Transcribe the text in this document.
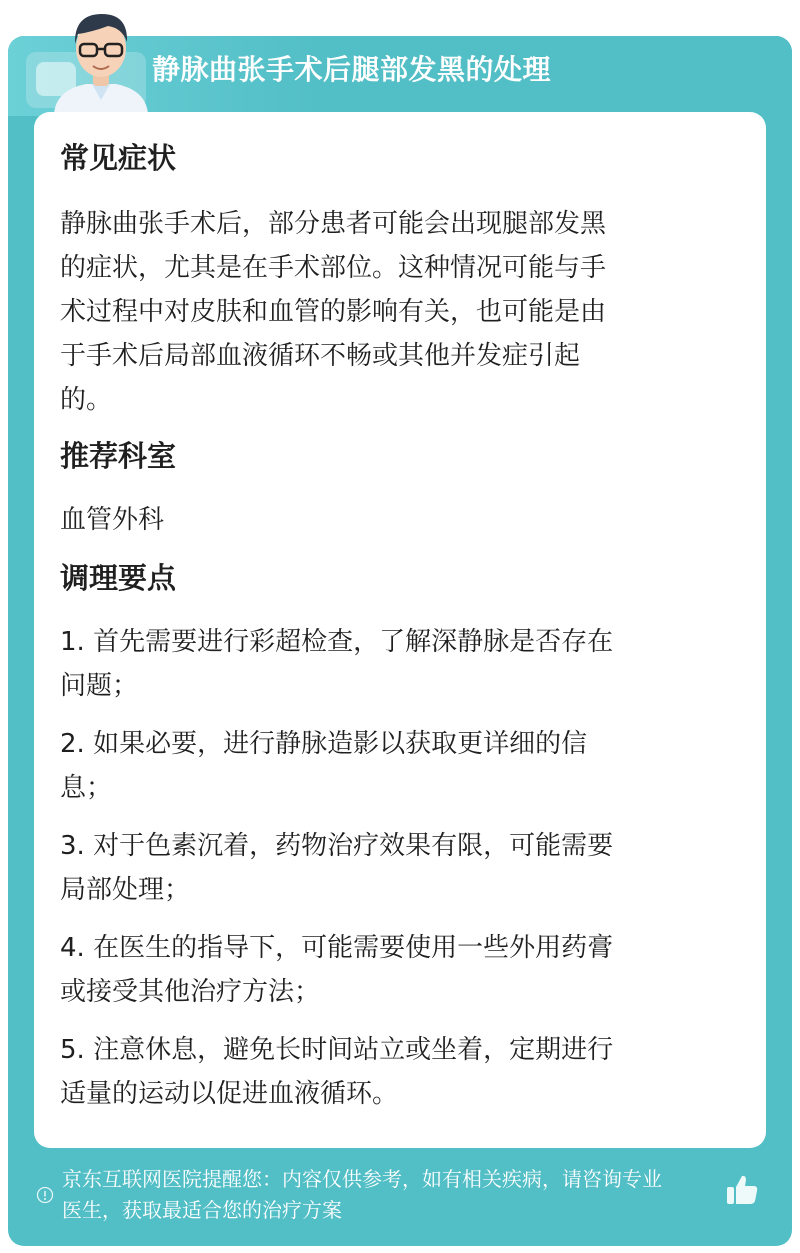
静脉曲张手术后腿部发黑的处理
常见症状
静脉曲张手术后，部分患者可能会出现腿部发黑
的症状，尤其是在手术部位。这种情况可能与手
术过程中对皮肤和血管的影响有关，也可能是由
于手术后局部血液循环不畅或其他并发症引起
的。
推荐科室
血管外科
调理要点
1. 首先需要进行彩超检查，了解深静脉是否存在
问题；
2. 如果必要，进行静脉造影以获取更详细的信
息；
3. 对于色素沉着，药物治疗效果有限，可能需要
局部处理；
4. 在医生的指导下，可能需要使用一些外用药膏
或接受其他治疗方法；
5. 注意休息，避免长时间站立或坐着，定期进行
适量的运动以促进血液循环。
京东互联网医院提醒您：内容仅供参考，如有相关疾病，请咨询专业
医生，获取最适合您的治疗方案
